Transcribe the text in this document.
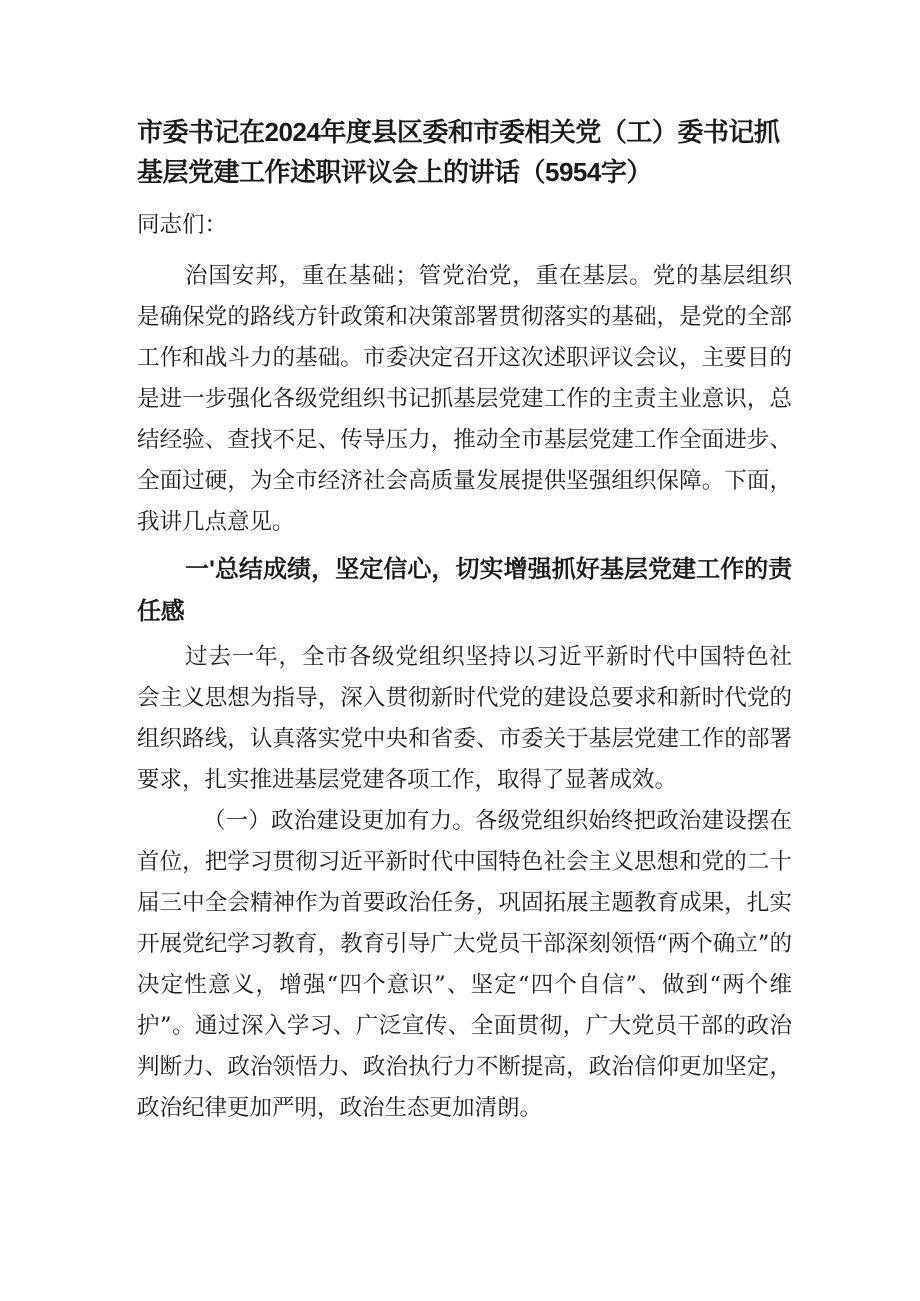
市委书记在2024年度县区委和市委相关党（工）委书记抓基层党建工作述职评议会上的讲话（5954字）

同志们：

治国安邦，重在基础；管党治党，重在基层。党的基层组织是确保党的路线方针政策和决策部署贯彻落实的基础，是党的全部工作和战斗力的基础。市委决定召开这次述职评议会议，主要目的是进一步强化各级党组织书记抓基层党建工作的主责主业意识，总结经验、查找不足、传导压力，推动全市基层党建工作全面进步、全面过硬，为全市经济社会高质量发展提供坚强组织保障。下面，我讲几点意见。

一'总结成绩，坚定信心，切实增强抓好基层党建工作的责任感

过去一年，全市各级党组织坚持以习近平新时代中国特色社会主义思想为指导，深入贯彻新时代党的建设总要求和新时代党的组织路线，认真落实党中央和省委、市委关于基层党建工作的部署要求，扎实推进基层党建各项工作，取得了显著成效。

（一）政治建设更加有力。各级党组织始终把政治建设摆在首位，把学习贯彻习近平新时代中国特色社会主义思想和党的二十届三中全会精神作为首要政治任务，巩固拓展主题教育成果，扎实开展党纪学习教育，教育引导广大党员干部深刻领悟“两个确立”的决定性意义，增强“四个意识”、坚定“四个自信”、做到“两个维护”。通过深入学习、广泛宣传、全面贯彻，广大党员干部的政治判断力、政治领悟力、政治执行力不断提高，政治信仰更加坚定，政治纪律更加严明，政治生态更加清朗。
